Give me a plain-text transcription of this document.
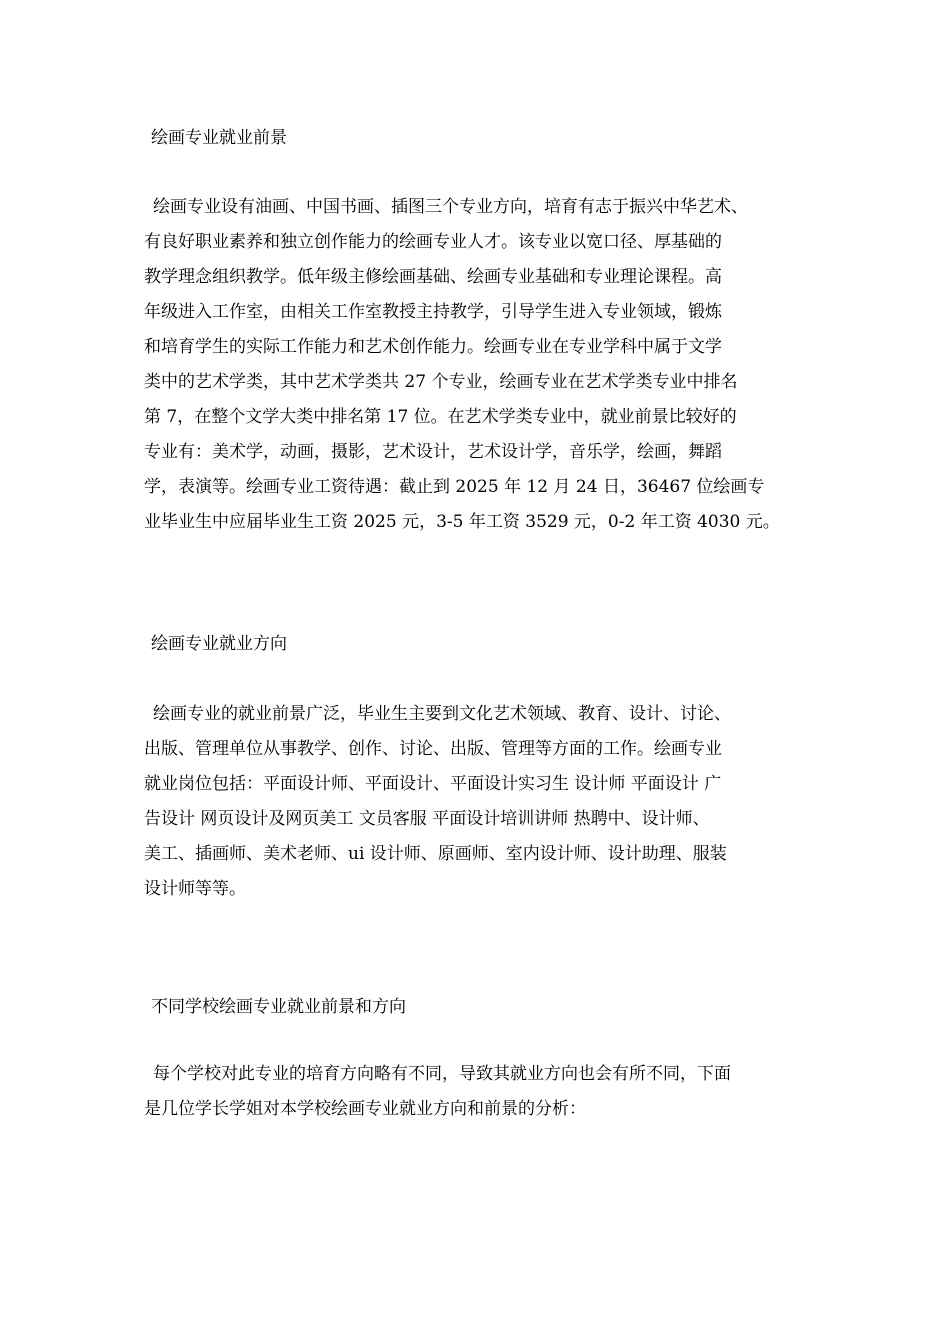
绘画专业就业前景
绘画专业设有油画、中国书画、插图三个专业方向，培育有志于振兴中华艺术、
有良好职业素养和独立创作能力的绘画专业人才。该专业以宽口径、厚基础的
教学理念组织教学。低年级主修绘画基础、绘画专业基础和专业理论课程。高
年级进入工作室，由相关工作室教授主持教学，引导学生进入专业领域，锻炼
和培育学生的实际工作能力和艺术创作能力。绘画专业在专业学科中属于文学
类中的艺术学类，其中艺术学类共 27 个专业，绘画专业在艺术学类专业中排名
第 7，在整个文学大类中排名第 17 位。在艺术学类专业中，就业前景比较好的
专业有：美术学，动画，摄影，艺术设计，艺术设计学，音乐学，绘画，舞蹈
学，表演等。绘画专业工资待遇：截止到 2025 年 12 月 24 日，36467 位绘画专
业毕业生中应届毕业生工资 2025 元，3-5 年工资 3529 元，0-2 年工资 4030 元。
绘画专业就业方向
绘画专业的就业前景广泛，毕业生主要到文化艺术领域、教育、设计、讨论、
出版、管理单位从事教学、创作、讨论、出版、管理等方面的工作。绘画专业
就业岗位包括：平面设计师、平面设计、平面设计实习生 设计师 平面设计 广
告设计 网页设计及网页美工 文员客服 平面设计培训讲师 热聘中、设计师、
美工、插画师、美术老师、ui 设计师、原画师、室内设计师、设计助理、服装
设计师等等。
不同学校绘画专业就业前景和方向
每个学校对此专业的培育方向略有不同，导致其就业方向也会有所不同，下面
是几位学长学姐对本学校绘画专业就业方向和前景的分析：
